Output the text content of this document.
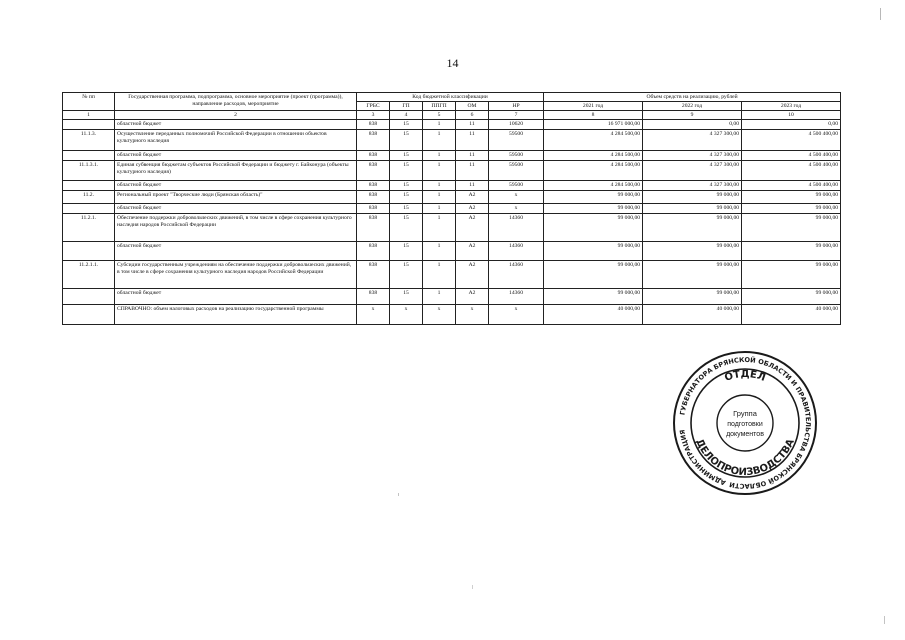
14
№ пп	Государственная программа, подпрограмма, основное мероприятие (проект (программа)), направление расходов, мероприятие	Код бюджетной классификации					Объем средств на реализацию, рублей		
		ГРБС	ГП	ППГП	ОМ	НР	2021 год	2022 год	2023 год
1	2	3	4	5	6	7	8	9	10
	областной бюджет	838	15	1	11	10620	16 971 000,00	0,00	0,00
11.1.3.	Осуществление переданных полномочий Российской Федерации в отношении объектов культурного наследия	838	15	1	11	59500	4 284 500,00	4 327 300,00	4 500 400,00
	областной бюджет	838	15	1	11	59500	4 284 500,00	4 327 300,00	4 500 400,00
11.1.3.1.	Единая субвенция бюджетам субъектов Российской Федерации и бюджету г. Байконура (объекты культурного наследия)	838	15	1	11	59500	4 284 500,00	4 327 300,00	4 500 400,00
	областной бюджет	838	15	1	11	59500	4 284 500,00	4 327 300,00	4 500 400,00
11.2.	Региональный проект "Творческие люди (Брянская область)"	838	15	1	А2	х	99 000,00	99 000,00	99 000,00
	областной бюджет	838	15	1	А2	х	99 000,00	99 000,00	99 000,00
11.2.1.	Обеспечение поддержки добровольческих движений, в том числе в сфере сохранения культурного наследия народов Российской Федерации	838	15	1	А2	14360	99 000,00	99 000,00	99 000,00
	областной бюджет	838	15	1	А2	14360	99 000,00	99 000,00	99 000,00
11.2.1.1.	Субсидии государственным учреждениям на обеспечение поддержки добровольческих движений, в том числе в сфере сохранения культурного наследия народов Российской Федерации	838	15	1	А2	14360	99 000,00	99 000,00	99 000,00
	областной бюджет	838	15	1	А2	14360	99 000,00	99 000,00	99 000,00
	СПРАВОЧНО: объем налоговых расходов на реализацию государственной программы	х	х	х	х	х	40 000,00	40 000,00	40 000,00
ГУБЕРНАТОРА БРЯНСКОЙ ОБЛАСТИ И ПРАВИТЕЛЬСТВА БРЯНСКОЙ ОБЛАСТИ
АДМИНИСТРАЦИЯ
ОТДЕЛ
ДЕЛОПРОИЗВОДСТВА
Группа
подготовки
документов
